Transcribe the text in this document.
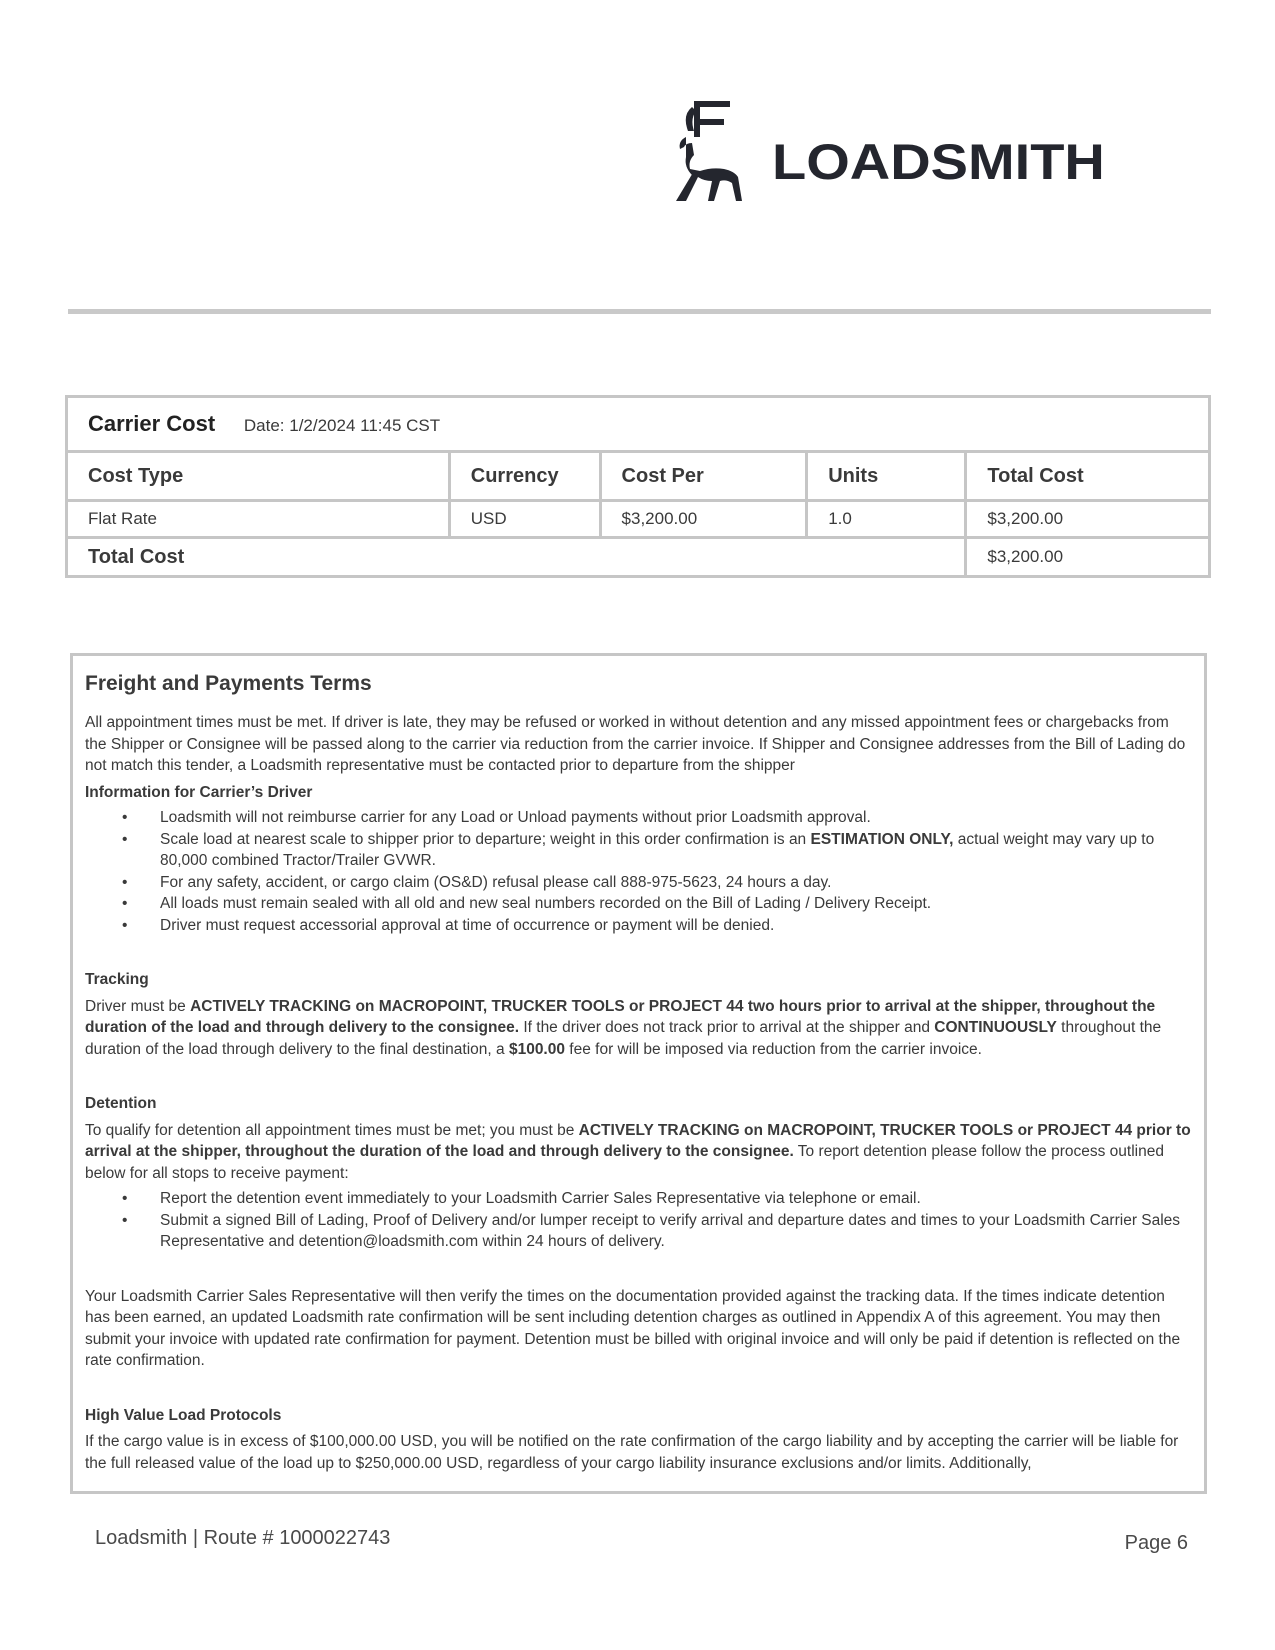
LOADSMITH
Carrier Cost Date: 1/2/2024 11:45 CST				
Cost Type	Currency	Cost Per	Units	Total Cost
Flat Rate	USD	$3,200.00	1.0	$3,200.00
Total Cost				$3,200.00
Freight and Payments Terms

All appointment times must be met. If driver is late, they may be refused or worked in without detention and any missed appointment fees or chargebacks from the Shipper or Consignee will be passed along to the carrier via reduction from the carrier invoice. If Shipper and Consignee addresses from the Bill of Lading do not match this tender, a Loadsmith representative must be contacted prior to departure from the shipper

Information for Carrier’s Driver
• Loadsmith will not reimburse carrier for any Load or Unload payments without prior Loadsmith approval.
• Scale load at nearest scale to shipper prior to departure; weight in this order confirmation is an ESTIMATION ONLY, actual weight may vary up to 80,000 combined Tractor/Trailer GVWR.
• For any safety, accident, or cargo claim (OS&D) refusal please call 888-975-5623, 24 hours a day.
• All loads must remain sealed with all old and new seal numbers recorded on the Bill of Lading / Delivery Receipt.
• Driver must request accessorial approval at time of occurrence or payment will be denied.
Tracking

Driver must be ACTIVELY TRACKING on MACROPOINT, TRUCKER TOOLS or PROJECT 44 two hours prior to arrival at the shipper, throughout the duration of the load and through delivery to the consignee. If the driver does not track prior to arrival at the shipper and CONTINUOUSLY throughout the duration of the load through delivery to the final destination, a $100.00 fee for will be imposed via reduction from the carrier invoice.

Detention

To qualify for detention all appointment times must be met; you must be ACTIVELY TRACKING on MACROPOINT, TRUCKER TOOLS or PROJECT 44 prior to arrival at the shipper, throughout the duration of the load and through delivery to the consignee. To report detention please follow the process outlined below for all stops to receive payment:

• Report the detention event immediately to your Loadsmith Carrier Sales Representative via telephone or email.
• Submit a signed Bill of Lading, Proof of Delivery and/or lumper receipt to verify arrival and departure dates and times to your Loadsmith Carrier Sales Representative and detention@loadsmith.com within 24 hours of delivery.

Your Loadsmith Carrier Sales Representative will then verify the times on the documentation provided against the tracking data. If the times indicate detention has been earned, an updated Loadsmith rate confirmation will be sent including detention charges as outlined in Appendix A of this agreement. You may then submit your invoice with updated rate confirmation for payment. Detention must be billed with original invoice and will only be paid if detention is reflected on the rate confirmation.

High Value Load Protocols

If the cargo value is in excess of $100,000.00 USD, you will be notified on the rate confirmation of the cargo liability and by accepting the carrier will be liable for the full released value of the load up to $250,000.00 USD, regardless of your cargo liability insurance exclusions and/or limits. Additionally,

Loadsmith | Route # 1000022743	Page 6
